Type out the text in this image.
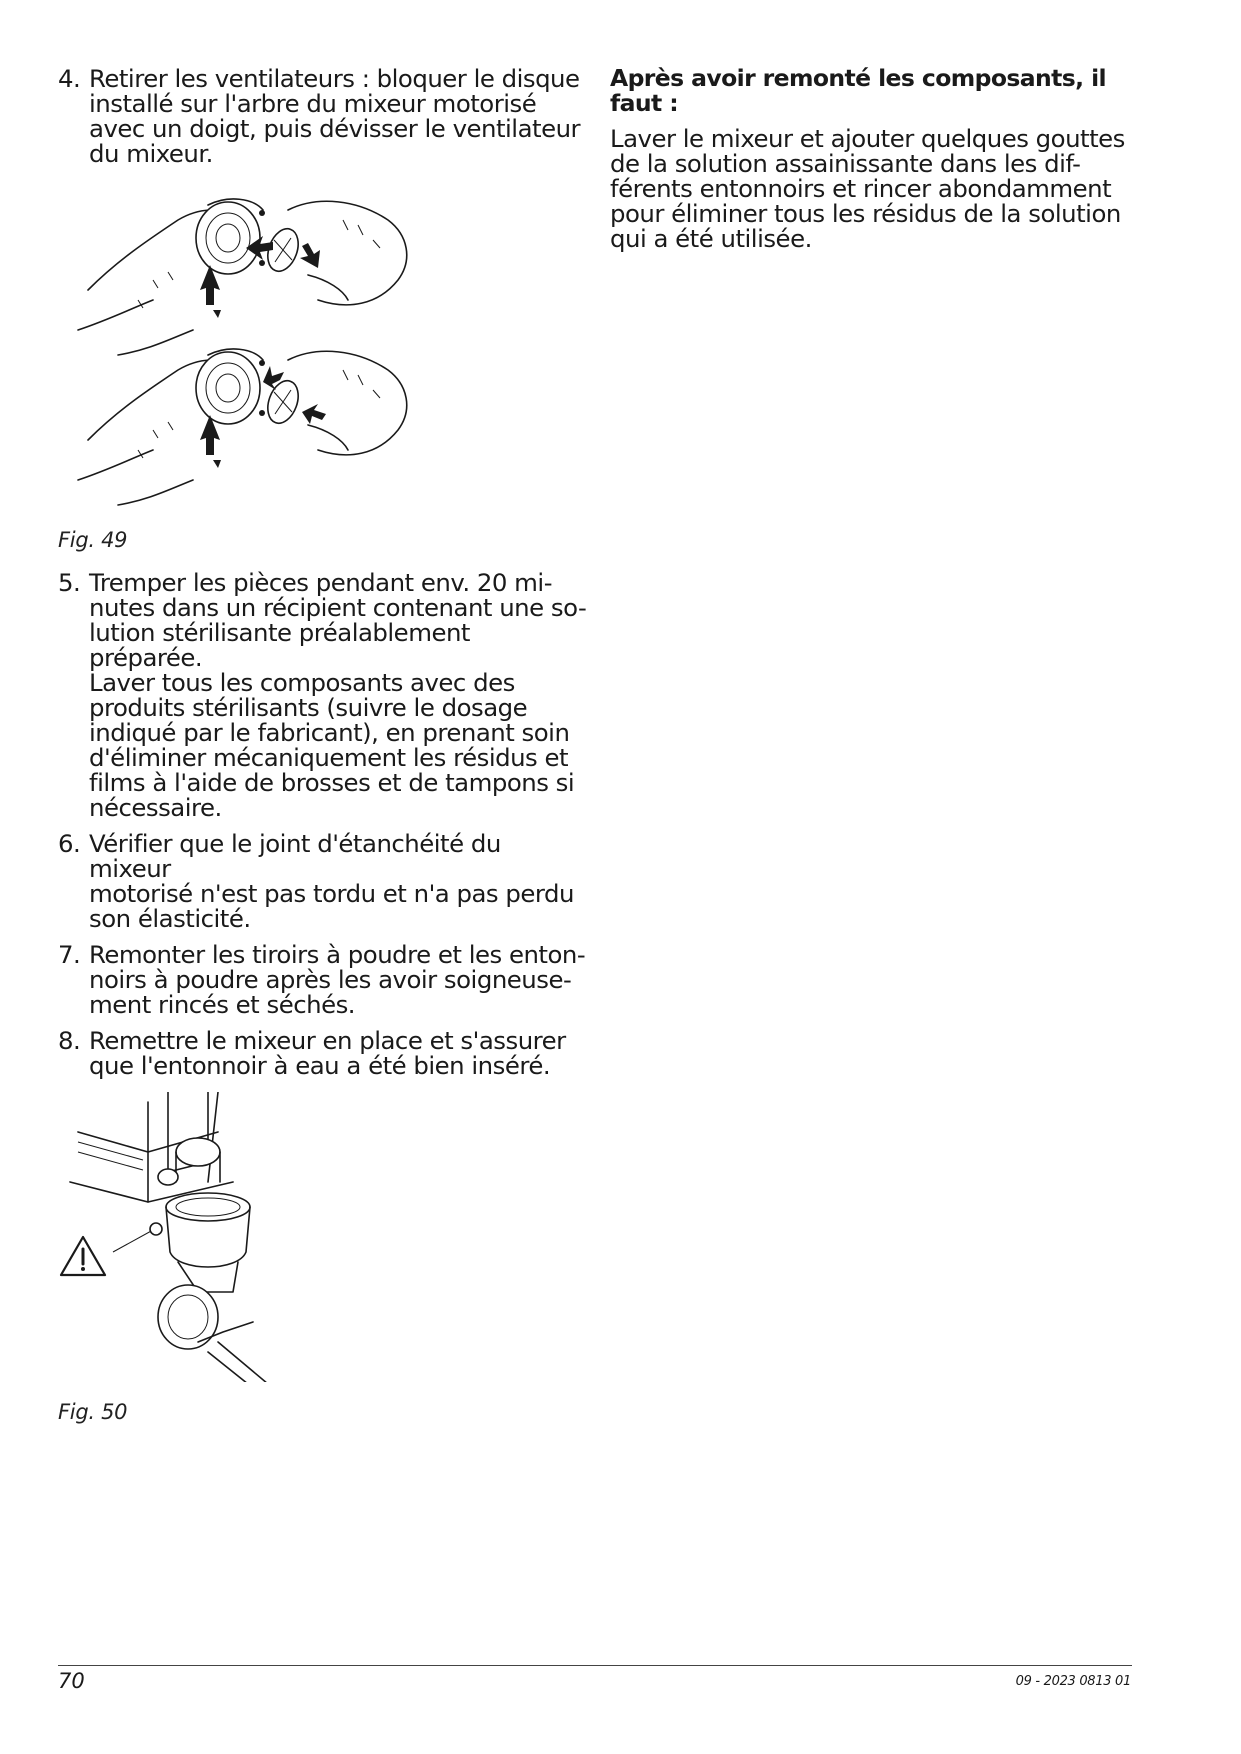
4. Retirer les ventilateurs : bloquer le disque
installé sur l'arbre du mixeur motorisé
avec un doigt, puis dévisser le ventilateur
du mixeur.
Fig. 49
5. Tremper les pièces pendant env. 20 mi-
nutes dans un récipient contenant une so-
lution stérilisante préalablement préparée.
Laver tous les composants avec des
produits stérilisants (suivre le dosage
indiqué par le fabricant), en prenant soin
d'éliminer mécaniquement les résidus et
films à l'aide de brosses et de tampons si
nécessaire.
6. Vérifier que le joint d'étanchéité du mixeur
motorisé n'est pas tordu et n'a pas perdu
son élasticité.
7. Remonter les tiroirs à poudre et les enton-
noirs à poudre après les avoir soigneuse-
ment rincés et séchés.
8. Remettre le mixeur en place et s'assurer
que l'entonnoir à eau a été bien inséré.
Fig. 50
Après avoir remonté les composants, il faut :
Laver le mixeur et ajouter quelques gouttes
de la solution assainissante dans les dif-
férents entonnoirs et rincer abondamment
pour éliminer tous les résidus de la solution
qui a été utilisée.
70	09 - 2023 0813 01
